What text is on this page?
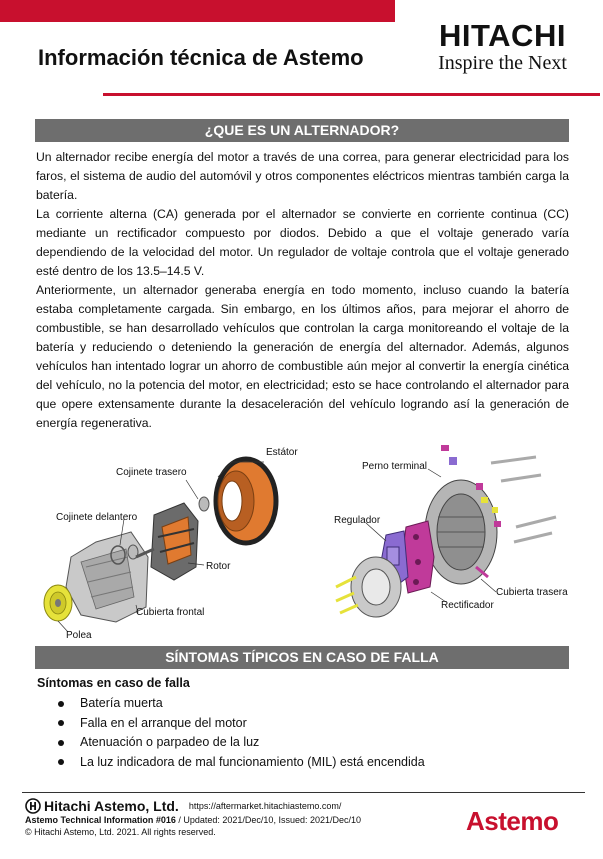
Información técnica de Astemo
HITACHI
Inspire the Next
¿QUE ES UN ALTERNADOR?

Un alternador recibe energía del motor a través de una correa, para generar electricidad para los faros, el sistema de audio del automóvil y otros componentes eléctricos mientras también carga la batería.

La corriente alterna (CA) generada por el alternador se convierte en corriente continua (CC) mediante un rectificador compuesto por diodos. Debido a que el voltaje generado varía dependiendo de la velocidad del motor. Un regulador de voltaje controla que el voltaje generado esté dentro de los 13.5–14.5 V.

Anteriormente, un alternador generaba energía en todo momento, incluso cuando la batería estaba completamente cargada. Sin embargo, en los últimos años, para mejorar el ahorro de combustible, se han desarrollado vehículos que controlan la carga monitoreando el voltaje de la batería y reduciendo o deteniendo la generación de energía del alternador. Además, algunos vehículos han intentado lograr un ahorro de combustible aún mejor al convertir la energía cinética del vehículo, no la potencia del motor, en electricidad; esto se hace controlando el alternador para que opere extensamente durante la desaceleración del vehículo logrando así la generación de energía regenerativa.

Estátor
Cojinete trasero
Cojinete delantero
Rotor
Cubierta frontal
Polea
Perno terminal
Regulador
Cubierta trasera
Rectificador
SÍNTOMAS TÍPICOS EN CASO DE FALLA
Síntomas en caso de falla
Batería muerta
Falla en el arranque del motor
Atenuación o parpadeo de la luz
La luz indicadora de mal funcionamiento (MIL) está encendida
Hitachi Astemo, Ltd. https://aftermarket.hitachiastemo.com/
Astemo Technical Information #016 / Updated: 2021/Dec/10, Issued: 2021/Dec/10
© Hitachi Astemo, Ltd. 2021. All rights reserved.	Astemo
